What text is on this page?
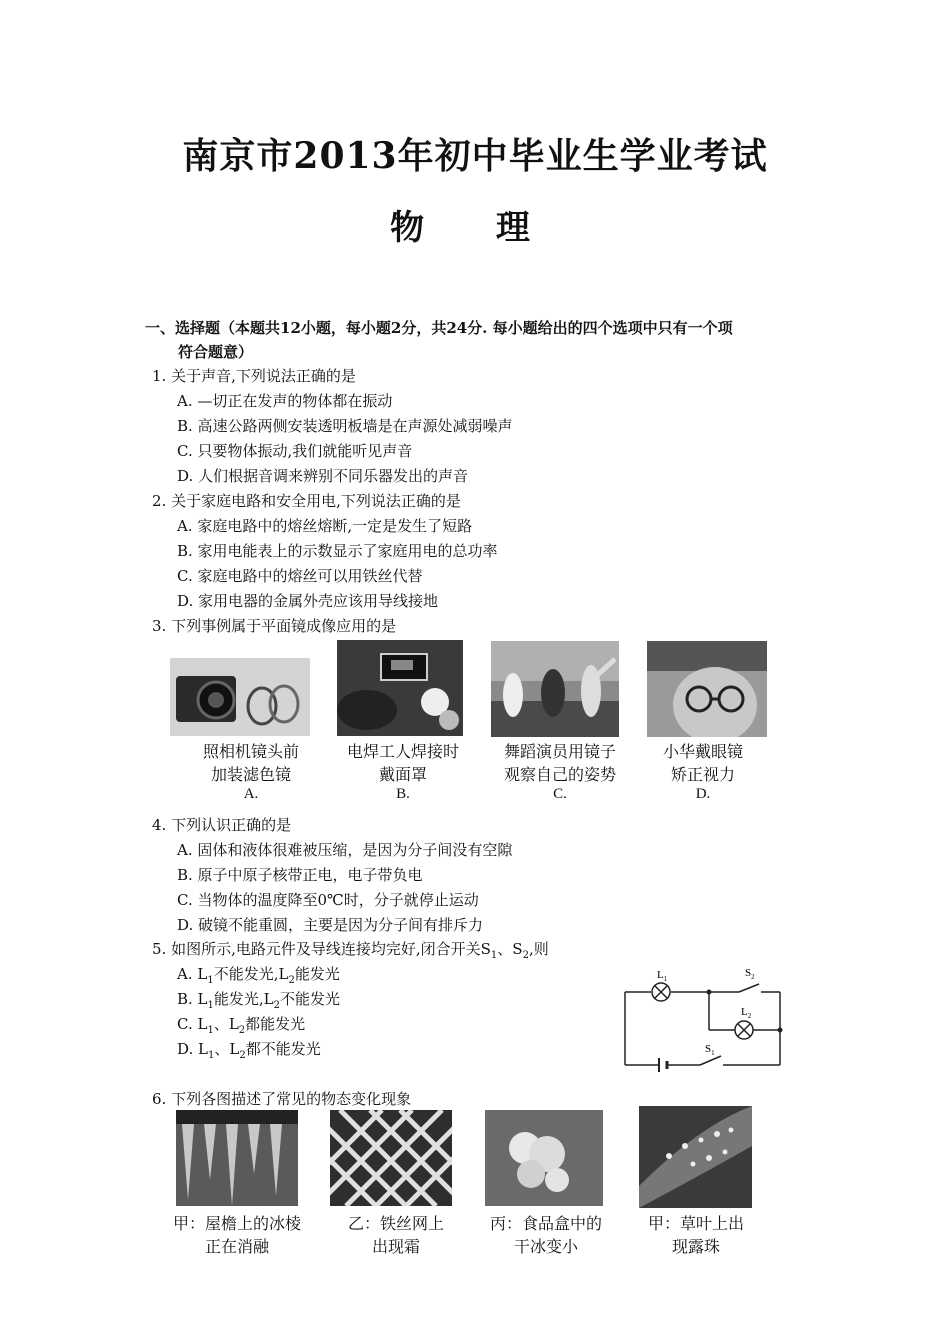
南京市2013年初中毕业生学业考试
物 理
一、选择题（本题共12小题，每小题2分，共24分. 每小题给出的四个选项中只有一个项
符合题意）
1. 关于声音,下列说法正确的是
A. —切正在发声的物体都在振动
B. 高速公路两侧安装透明板墙是在声源处减弱噪声
C. 只要物体振动,我们就能听见声音
D. 人们根据音调来辨别不同乐器发出的声音
2. 关于家庭电路和安全用电,下列说法正确的是
A. 家庭电路中的熔丝熔断,一定是发生了短路
B. 家用电能表上的示数显示了家庭用电的总功率
C. 家庭电路中的熔丝可以用铁丝代替
D. 家用电器的金属外壳应该用导线接地
3. 下列事例属于平面镜成像应用的是
照相机镜头前
加装滤色镜
A.
电焊工人焊接时
戴面罩
B.
舞蹈演员用镜子
观察自己的姿势
C.
小华戴眼镜
矫正视力
D.
4. 下列认识正确的是
A. 固体和液体很难被压缩，是因为分子间没有空隙
B. 原子中原子核带正电，电子带负电
C. 当物体的温度降至0℃时，分子就停止运动
D. 破镜不能重圆，主要是因为分子间有排斥力
5. 如图所示,电路元件及导线连接均完好,闭合开关$S_1$、$S_2$,则
A. $L_1$不能发光$,L_2$能发光
B. $L_1$能发光$,L_2$不能发光
C. $L_1$、$L_2$都能发光
D. $L_1$、$L_2$都不能发光
$L_1$	$S_2$
$L_2$
$S_1$
6. 下列各图描述了常见的物态变化现象
甲：屋檐上的冰棱
正在消融
乙：铁丝网上
出现霜
丙：食品盒中的
干冰变小
甲：草叶上出
现露珠
